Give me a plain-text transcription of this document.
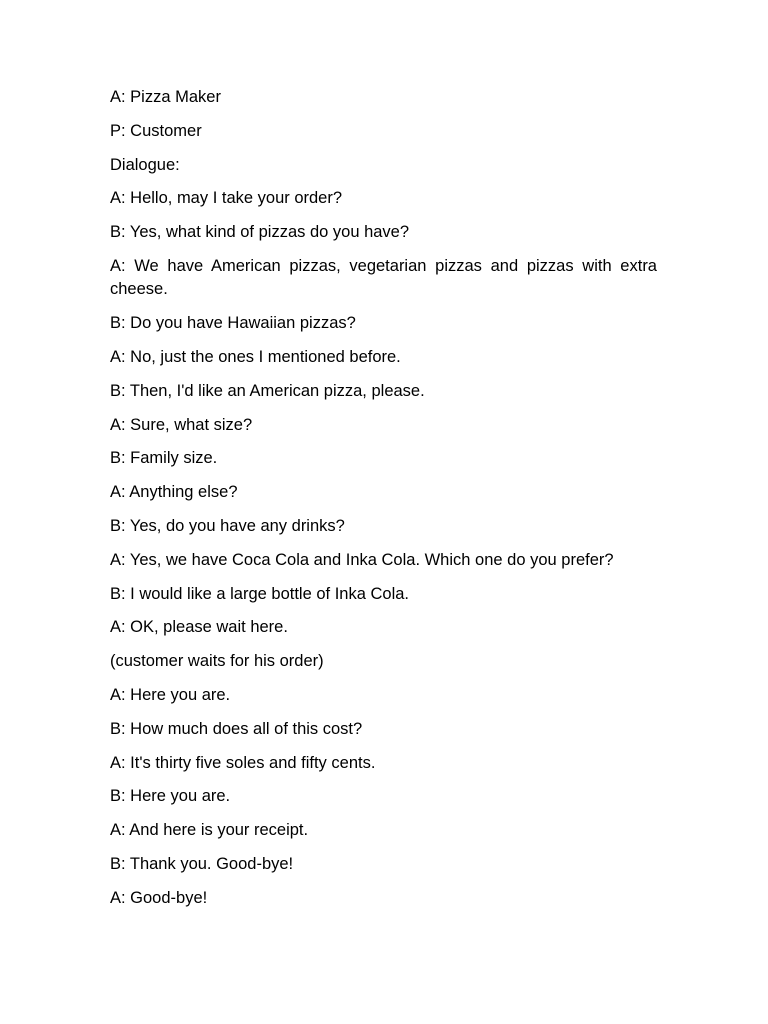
A: Pizza Maker

P: Customer

Dialogue:

A: Hello, may I take your order?

B: Yes, what kind of pizzas do you have?

A: We have American pizzas, vegetarian pizzas and pizzas with extra cheese.

B: Do you have Hawaiian pizzas?

A: No, just the ones I mentioned before.

B: Then, I'd like an American pizza, please.

A: Sure, what size?

B: Family size.

A: Anything else?

B: Yes, do you have any drinks?

A: Yes, we have Coca Cola and Inka Cola. Which one do you prefer?

B: I would like a large bottle of Inka Cola.

A: OK, please wait here.

(customer waits for his order)

A: Here you are.

B: How much does all of this cost?

A: It's thirty five soles and fifty cents.

B: Here you are.

A: And here is your receipt.

B: Thank you. Good-bye!

A: Good-bye!
